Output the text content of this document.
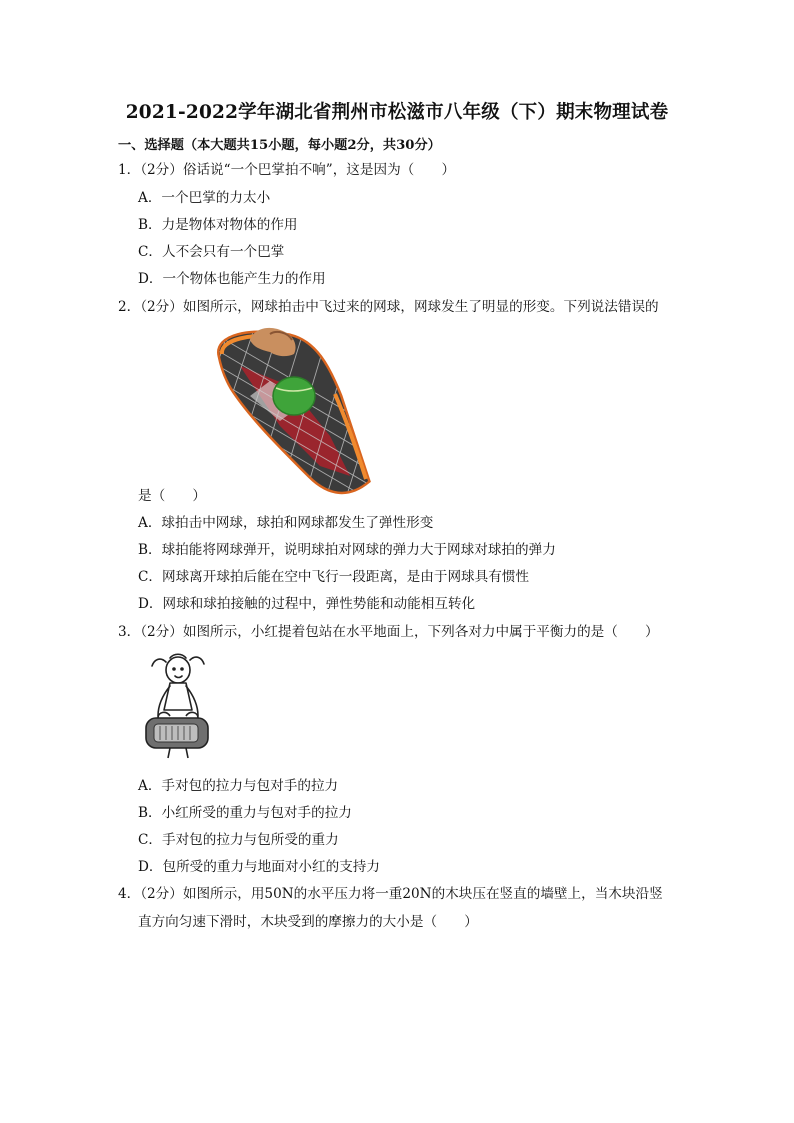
2021-2022学年湖北省荆州市松滋市八年级（下）期末物理试卷
一、选择题（本大题共15小题，每小题2分，共30分）
1．（2分）俗话说“一个巴掌拍不响”，这是因为（　　）
A．一个巴掌的力太小
B．力是物体对物体的作用
C．人不会只有一个巴掌
D．一个物体也能产生力的作用
2．（2分）如图所示，网球拍击中飞过来的网球，网球发生了明显的形变。下列说法错误的
是（　　）
A．球拍击中网球，球拍和网球都发生了弹性形变
B．球拍能将网球弹开，说明球拍对网球的弹力大于网球对球拍的弹力
C．网球离开球拍后能在空中飞行一段距离，是由于网球具有惯性
D．网球和球拍接触的过程中，弹性势能和动能相互转化
3．（2分）如图所示，小红提着包站在水平地面上，下列各对力中属于平衡力的是（　　）
A．手对包的拉力与包对手的拉力
B．小红所受的重力与包对手的拉力
C．手对包的拉力与包所受的重力
D．包所受的重力与地面对小红的支持力
4．（2分）如图所示，用50N的水平压力将一重20N的木块压在竖直的墙壁上，当木块沿竖
直方向匀速下滑时，木块受到的摩擦力的大小是（　　）
